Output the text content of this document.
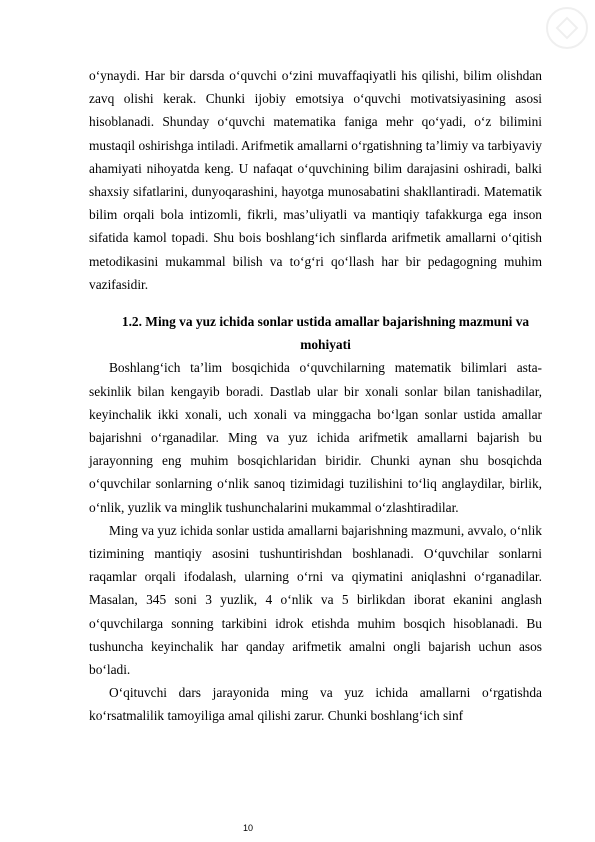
o‘ynaydi. Har bir darsda o‘quvchi o‘zini muvaffaqiyatli his qilishi, bilim olishdan zavq olishi kerak. Chunki ijobiy emotsiya o‘quvchi motivatsiyasining asosi hisoblanadi. Shunday o‘quvchi matematika faniga mehr qo‘yadi, o‘z bilimini mustaqil oshirishga intiladi. Arifmetik amallarni o‘rgatishning ta’limiy va tarbiyaviy ahamiyati nihoyatda keng. U nafaqat o‘quvchining bilim darajasini oshiradi, balki shaxsiy sifatlarini, dunyoqarashini, hayotga munosabatini shakllantiradi. Matematik bilim orqali bola intizomli, fikrli, mas’uliyatli va mantiqiy tafakkurga ega inson sifatida kamol topadi. Shu bois boshlang‘ich sinflarda arifmetik amallarni o‘qitish metodikasini mukammal bilish va to‘g‘ri qo‘llash har bir pedagogning muhim vazifasidir.

1.2. Ming va yuz ichida sonlar ustida amallar bajarishning mazmuni va mohiyati

Boshlang‘ich ta’lim bosqichida o‘quvchilarning matematik bilimlari asta-sekinlik bilan kengayib boradi. Dastlab ular bir xonali sonlar bilan tanishadilar, keyinchalik ikki xonali, uch xonali va minggacha bo‘lgan sonlar ustida amallar bajarishni o‘rganadilar. Ming va yuz ichida arifmetik amallarni bajarish bu jarayonning eng muhim bosqichlaridan biridir. Chunki aynan shu bosqichda o‘quvchilar sonlarning o‘nlik sanoq tizimidagi tuzilishini to‘liq anglaydilar, birlik, o‘nlik, yuzlik va minglik tushunchalarini mukammal o‘zlashtiradilar.

Ming va yuz ichida sonlar ustida amallarni bajarishning mazmuni, avvalo, o‘nlik tizimining mantiqiy asosini tushuntirishdan boshlanadi. O‘quvchilar sonlarni raqamlar orqali ifodalash, ularning o‘rni va qiymatini aniqlashni o‘rganadilar. Masalan, 345 soni 3 yuzlik, 4 o‘nlik va 5 birlikdan iborat ekanini anglash o‘quvchilarga sonning tarkibini idrok etishda muhim bosqich hisoblanadi. Bu tushuncha keyinchalik har qanday arifmetik amalni ongli bajarish uchun asos bo‘ladi.

O‘qituvchi dars jarayonida ming va yuz ichida amallarni o‘rgatishda ko‘rsatmalilik tamoyiliga amal qilishi zarur. Chunki boshlang‘ich sinf

10
